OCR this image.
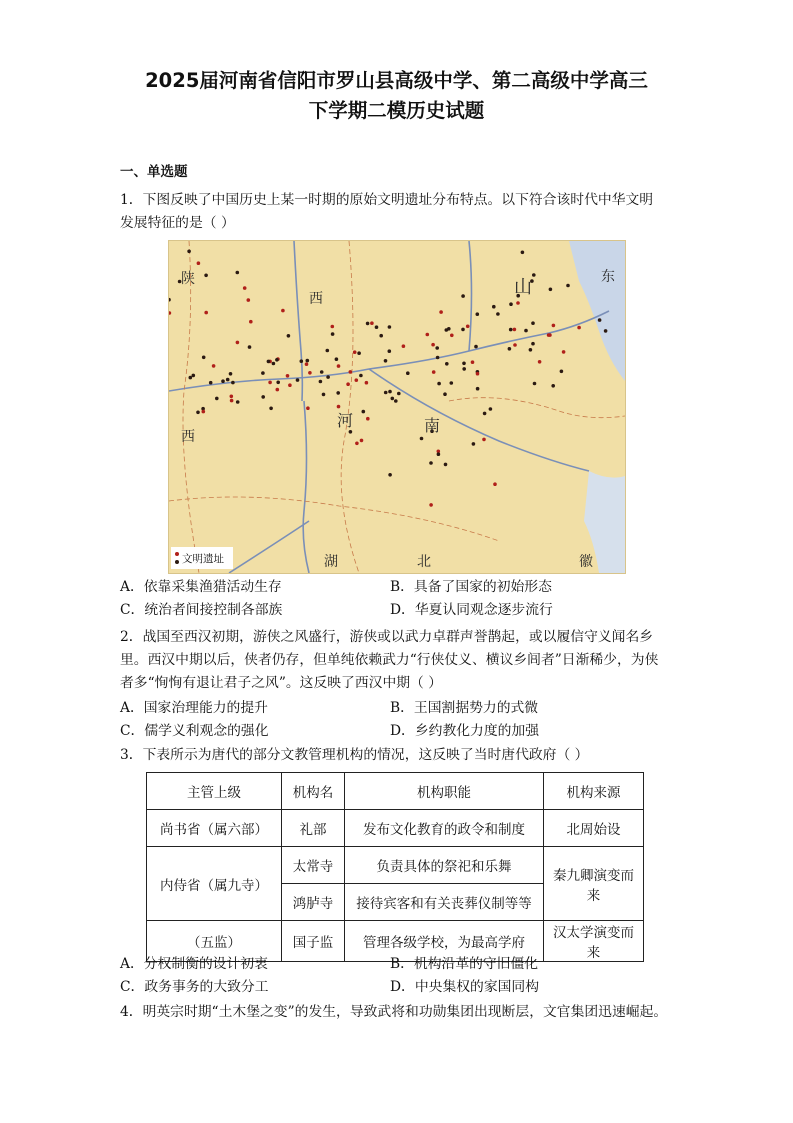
2025届河南省信阳市罗山县高级中学、第二高级中学高三
下学期二模历史试题
一、单选题
1．下图反映了中国历史上某一时期的原始文明遗址分布特点。以下符合该时代中华文明
发展特征的是（ ）
陕
西
山	东
西
河	南
湖	北	徽
文明遗址
A．依靠采集渔猎活动生存	B．具备了国家的初始形态
C．统治者间接控制各部族	D．华夏认同观念逐步流行
2．战国至西汉初期，游侠之风盛行，游侠或以武力卓群声誉鹊起，或以履信守义闻名乡
里。西汉中期以后，侠者仍存，但单纯依赖武力“行侠仗义、横议乡闾者”日渐稀少，为侠
者多“恂恂有退让君子之风”。这反映了西汉中期（ ）
A．国家治理能力的提升	B．王国割据势力的式微
C．儒学义利观念的强化	D．乡约教化力度的加强
3．下表所示为唐代的部分文教管理机构的情况，这反映了当时唐代政府（ ）
主管上级	机构名	机构职能	机构来源
尚书省（属六部）	礼部	发布文化教育的政令和制度	北周始设
内侍省（属九寺）	太常寺	负责具体的祭祀和乐舞	秦九卿演变而来
	鸿胪寺	接待宾客和有关丧葬仪制等等	
（五监）	国子监	管理各级学校，为最高学府	汉太学演变而来
A．分权制衡的设计初衷	B．机构沿革的守旧僵化
C．政务事务的大致分工	D．中央集权的家国同构
4．明英宗时期“土木堡之变”的发生，导致武将和功勋集团出现断层，文官集团迅速崛起。
